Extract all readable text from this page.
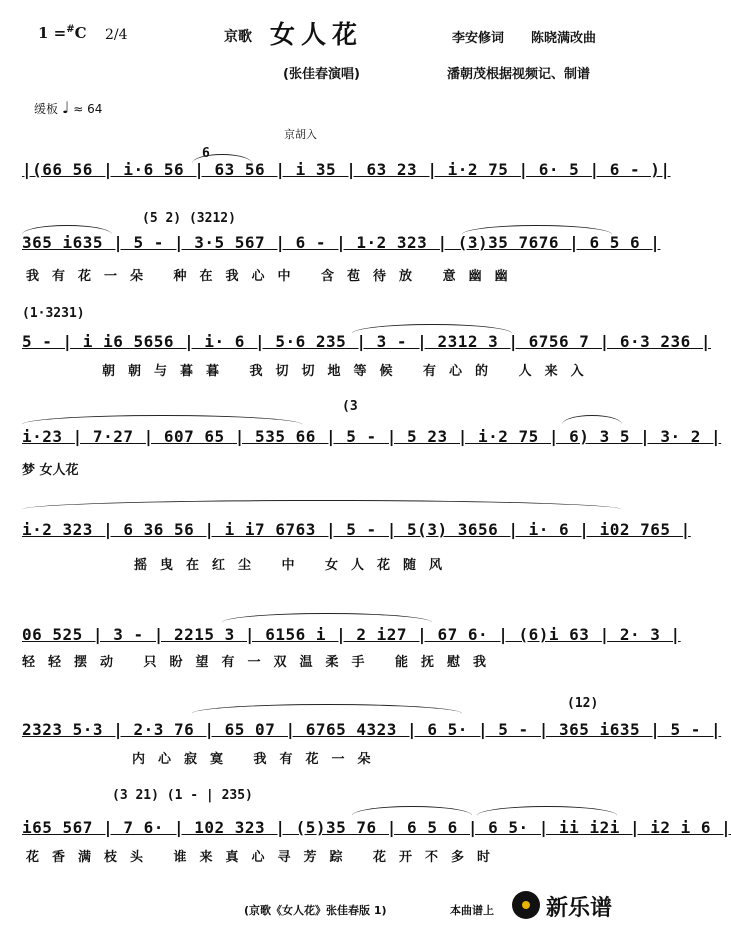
1 =#C 2/4	京歌 女人花	李安修词 陈晓满改曲
(张佳春演唱)	潘朝茂根据视频记、制谱
缓板 ♩ ≈ 64
京胡入
6
|(66 56 | i·6 56 | 63 56 | i 35 | 63 23 | i·2 75 | 6· 5 | 6 - )|
(5 2) (3212)
365 i635 | 5 - | 3·5 567 | 6 - | 1·2 323 | (3)35 7676 | 6 5 6 |
我有花一朵 种在我心中 含苞待放 意幽幽
(1·3231)
5 - | i i6 5656 | i· 6 | 5·6 235 | 3 - | 2312 3 | 6756 7 | 6·3 236 |
朝朝与暮暮 我切切地等候 有心的 人来入
(3
i·23 | 7·27 | 607 65 | 535 66 | 5 - | 5 23 | i·2 75 | 6) 3 5 | 3· 2 |
梦 女人花
i·2 323 | 6 36 56 | i i7 6763 | 5 - | 5(3) 3656 | i· 6 | i02 765 |
摇曳在红尘 中 女人花随风
06 525 | 3 - | 2215 3 | 6156 i | 2 i27 | 67 6· | (6)i 63 | 2· 3 |
轻轻摆动 只盼望有一双温柔手 能抚慰我
(12)
2323 5·3 | 2·3 76 | 65 07 | 6765 4323 | 6 5· | 5 - | 365 i635 | 5 - |
内心寂寞 我有花一朵
(3 21) (1 - | 235)
i65 567 | 7 6· | 102 323 | (5)35 76 | 6 5 6 | 6 5· | ii i2i | i2 i 6 |
花香满枝头 谁来真心寻芳踪 花开不多时
(京歌《女人花》张佳春版 1)	本曲谱上 新乐谱
